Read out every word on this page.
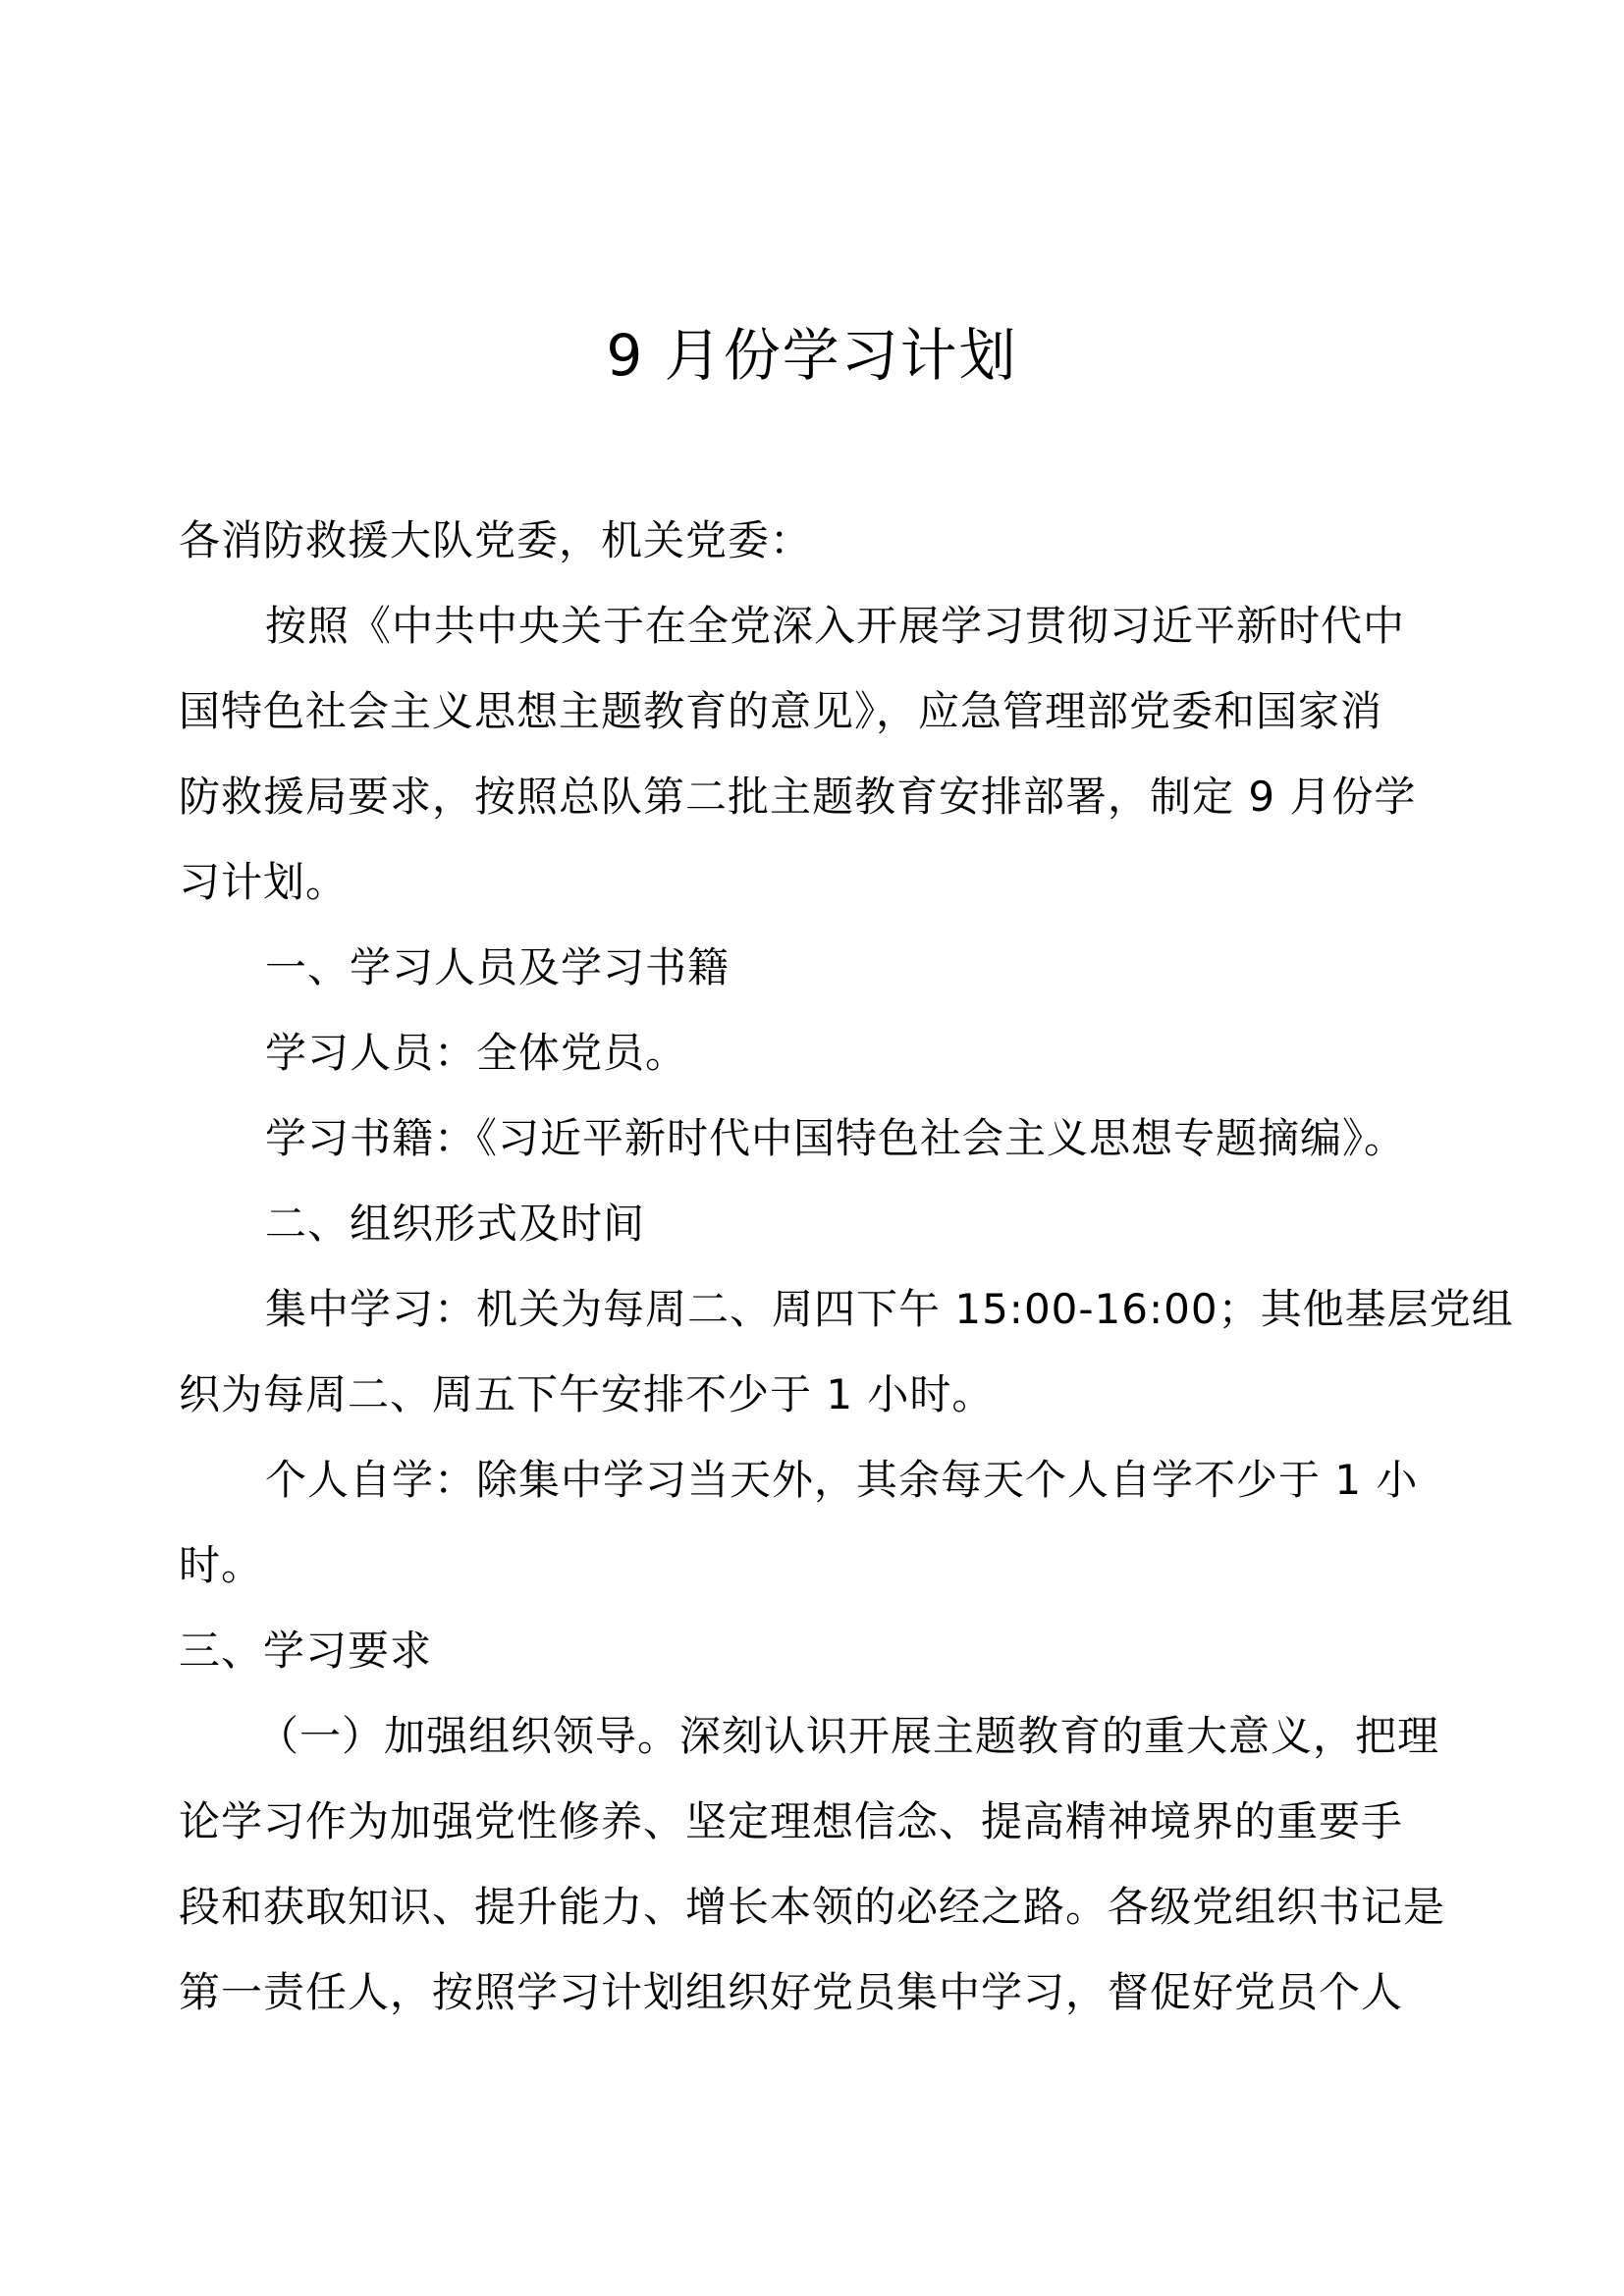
9 月份学习计划
各消防救援大队党委，机关党委：
按照《中共中央关于在全党深入开展学习贯彻习近平新时代中
国特色社会主义思想主题教育的意见》，应急管理部党委和国家消
防救援局要求，按照总队第二批主题教育安排部署，制定 9 月份学
习计划。
一、学习人员及学习书籍
学习人员：全体党员。
学习书籍：《习近平新时代中国特色社会主义思想专题摘编》。
二、组织形式及时间
集中学习：机关为每周二、周四下午 15:00-16:00；其他基层党组
织为每周二、周五下午安排不少于 1 小时。
个人自学：除集中学习当天外，其余每天个人自学不少于 1 小
时。
三、学习要求
（一）加强组织领导。深刻认识开展主题教育的重大意义，把理
论学习作为加强党性修养、坚定理想信念、提高精神境界的重要手
段和获取知识、提升能力、增长本领的必经之路。各级党组织书记是
第一责任人，按照学习计划组织好党员集中学习，督促好党员个人
